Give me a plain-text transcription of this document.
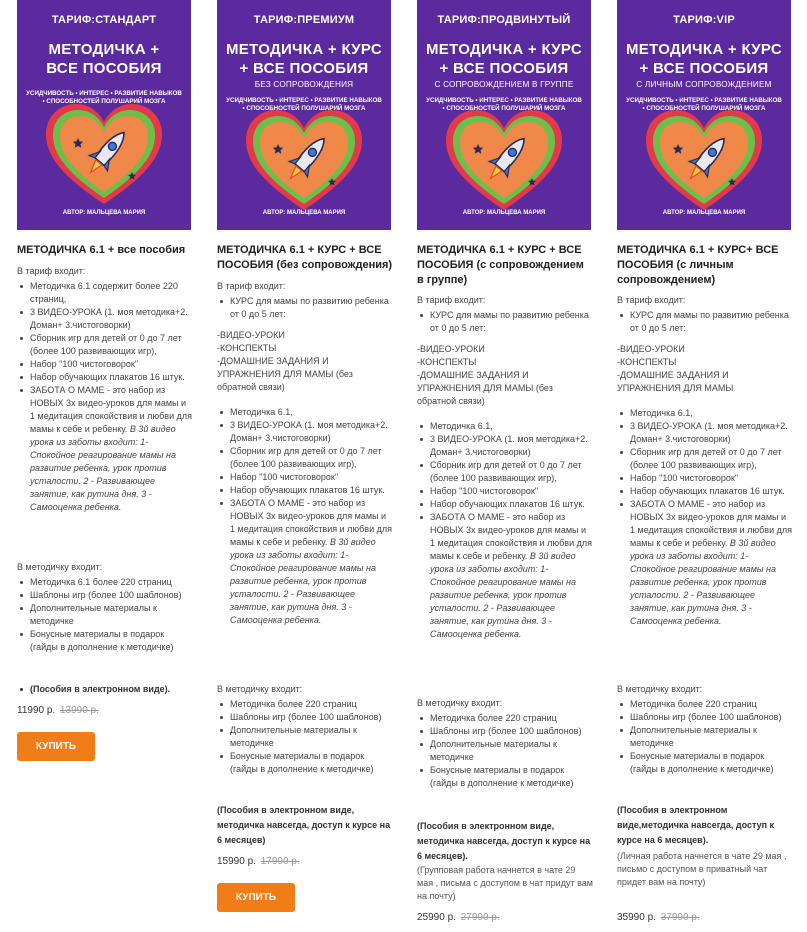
ТАРИФ:СТАНДАРТ
МЕТОДИЧКА +
ВСЕ ПОСОБИЯ
УСИДЧИВОСТЬ • ИНТЕРЕС • РАЗВИТИЕ НАВЫКОВ • СПОСОБНОСТЕЙ ПОЛУШАРИЙ МОЗГА
АВТОР: МАЛЬЦЕВА МАРИЯ
МЕТОДИЧКА 6.1 + все пособия

В тариф входит:

Методичка 6.1 содержит более 220 страниц,
3 ВИДЕО-УРОКА (1. моя методика+2. Доман+ 3.чистоговорки)
Сборник игр для детей от 0 до 7 лет (более 100 развивающих игр),
Набор "100 чистоговорок"
Набор обучающих плакатов 16 штук.
ЗАБОТА О МАМЕ - это набор из НОВЫХ 3х видео-уроков для мамы и 1 медитация спокойствия и любви для мамы к себе и ребенку. В 3й видео урока из заботы входит: 1- Спокойное реагирование мамы на развитие ребенка, урок против усталости. 2 - Развивающее занятие, как рутина дня. 3 - Самооценка ребенка.

В методичку входит:

Методичка 6.1 более 220 страниц
Шаблоны игр (более 100 шаблонов)
Дополнительные материалы к методичке
Бонусные материалы в подарок (гайды в дополнение к методичке)
(Пособия в электронном виде).
11990 р. 13990 р.
КУПИТЬ
ТАРИФ:ПРЕМИУМ
МЕТОДИЧКА + КУРС
+ ВСЕ ПОСОБИЯ
БЕЗ СОПРОВОЖДЕНИЯ
УСИДЧИВОСТЬ • ИНТЕРЕС • РАЗВИТИЕ НАВЫКОВ • СПОСОБНОСТЕЙ ПОЛУШАРИЙ МОЗГА
АВТОР: МАЛЬЦЕВА МАРИЯ
МЕТОДИЧКА 6.1 + КУРС + ВСЕ ПОСОБИЯ (без сопровождения)

В тариф входит:

КУРС для мамы по развитию ребенка от 0 до 5 лет:

-ВИДЕО-УРОКИ

-КОНСПЕКТЫ

-ДОМАШНИЕ ЗАДАНИЯ И УПРАЖНЕНИЯ ДЛЯ МАМЫ (без обратной связи)

Методичка 6.1,
3 ВИДЕО-УРОКА (1. моя методика+2. Доман+ 3.чистоговорки)
Сборник игр для детей от 0 до 7 лет (более 100 развивающих игр),
Набор "100 чистоговорок"
Набор обучающих плакатов 16 штук.
ЗАБОТА О МАМЕ - это набор из НОВЫХ 3х видео-уроков для мамы и 1 медитация спокойствия и любви для мамы к себе и ребенку. В 3й видео урока из заботы входит: 1- Спокойное реагирование мамы на развитие ребенка, урок против усталости. 2 - Развивающее занятие, как рутина дня. 3 - Самооценка ребенка.

В методичку входит:

Методичка более 220 страниц
Шаблоны игр (более 100 шаблонов)
Дополнительные материалы к методичке
Бонусные материалы в подарок (гайды в дополнение к методичке)
(Пособия в электронном виде, методичка навсегда, доступ к курсе на 6 месяцев)
15990 р. 17990 р.
КУПИТЬ
ТАРИФ:ПРОДВИНУТЫЙ
МЕТОДИЧКА + КУРС
+ ВСЕ ПОСОБИЯ
С СОПРОВОЖДЕНИЕМ В ГРУППЕ
УСИДЧИВОСТЬ • ИНТЕРЕС • РАЗВИТИЕ НАВЫКОВ • СПОСОБНОСТЕЙ ПОЛУШАРИЙ МОЗГА
АВТОР: МАЛЬЦЕВА МАРИЯ
МЕТОДИЧКА 6.1 + КУРС + ВСЕ ПОСОБИЯ (с сопровождением в группе)

В тариф входит:

КУРС для мамы по развитию ребенка от 0 до 5 лет:

-ВИДЕО-УРОКИ

-КОНСПЕКТЫ

-ДОМАШНИЕ ЗАДАНИЯ И УПРАЖНЕНИЯ ДЛЯ МАМЫ (без обратной связи)

Методичка 6.1,
3 ВИДЕО-УРОКА (1. моя методика+2. Доман+ 3.чистоговорки)
Сборник игр для детей от 0 до 7 лет (более 100 развивающих игр),
Набор "100 чистоговорок"
Набор обучающих плакатов 16 штук.
ЗАБОТА О МАМЕ - это набор из НОВЫХ 3х видео-уроков для мамы и 1 медитация спокойствия и любви для мамы к себе и ребенку. В 3й видео урока из заботы входит: 1- Спокойное реагирование мамы на развитие ребенка, урок против усталости. 2 - Развивающее занятие, как рутина дня. 3 - Самооценка ребенка.

В методичку входит:

Методичка более 220 страниц
Шаблоны игр (более 100 шаблонов)
Дополнительные материалы к методичке
Бонусные материалы в подарок (гайды в дополнение к методичке)
(Пособия в электронном виде, методичка навсегда, доступ к курсе на 6 месяцев).
(Групповая работа начнется в чате 29 мая , письма с доступом в чат придут вам на почту)
25990 р. 27990 р.
ТАРИФ:VIP
МЕТОДИЧКА + КУРС
+ ВСЕ ПОСОБИЯ
С ЛИЧНЫМ СОПРОВОЖДЕНИЕМ
УСИДЧИВОСТЬ • ИНТЕРЕС • РАЗВИТИЕ НАВЫКОВ • СПОСОБНОСТЕЙ ПОЛУШАРИЙ МОЗГА
АВТОР: МАЛЬЦЕВА МАРИЯ
МЕТОДИЧКА 6.1 + КУРС+ ВСЕ ПОСОБИЯ (с личным сопровождением)

В тариф входит:

КУРС для мамы по развитию ребенка от 0 до 5 лет:

-ВИДЕО-УРОКИ

-КОНСПЕКТЫ

-ДОМАШНИЕ ЗАДАНИЯ И УПРАЖНЕНИЯ ДЛЯ МАМЫ

Методичка 6.1,
3 ВИДЕО-УРОКА (1. моя методика+2. Доман+ 3.чистоговорки)
Сборник игр для детей от 0 до 7 лет (более 100 развивающих игр),
Набор "100 чистоговорок"
Набор обучающих плакатов 16 штук.
ЗАБОТА О МАМЕ - это набор из НОВЫХ 3х видео-уроков для мамы и 1 медитация спокойствия и любви для мамы к себе и ребенку. В 3й видео урока из заботы входит: 1- Спокойное реагирование мамы на развитие ребенка, урок против усталости. 2 - Развивающее занятие, как рутина дня. 3 - Самооценка ребенка.

В методичку входит:

Методичка более 220 страниц
Шаблоны игр (более 100 шаблонов)
Дополнительные материалы к методичке
Бонусные материалы в подарок (гайды в дополнение к методичке)
(Пособия в электронном виде,методичка навсегда, доступ к курсе на 6 месяцев).
(Личная работа начнется в чате 29 мая , письмо с доступом в приватный чат придет вам на почту)
35990 р. 37990 р.
